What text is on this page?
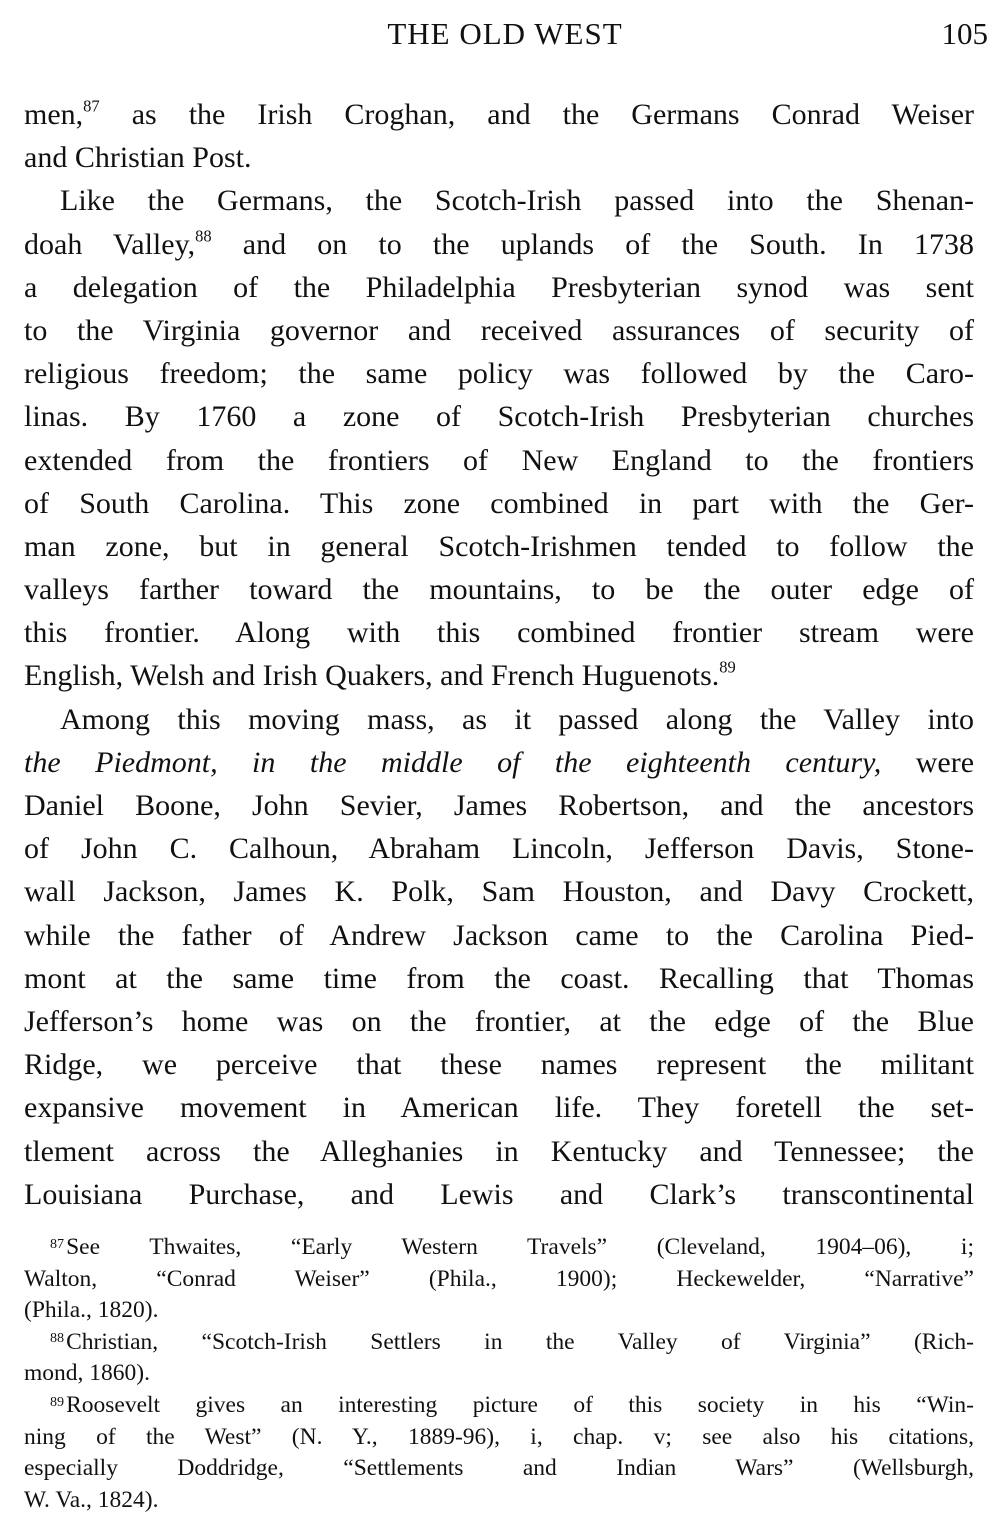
THE OLD WEST	105
men,$^{87}$ as the Irish Croghan, and the Germans Conrad Weiser
and Christian Post.
Like the Germans, the Scotch-Irish passed into the Shenan-
doah Valley,$^{88}$ and on to the uplands of the South. In 1738
a delegation of the Philadelphia Presbyterian synod was sent
to the Virginia governor and received assurances of security of
religious freedom; the same policy was followed by the Caro-
linas. By 1760 a zone of Scotch-Irish Presbyterian churches
extended from the frontiers of New England to the frontiers
of South Carolina. This zone combined in part with the Ger-
man zone, but in general Scotch-Irishmen tended to follow the
valleys farther toward the mountains, to be the outer edge of
this frontier. Along with this combined frontier stream were
English, Welsh and Irish Quakers, and French Huguenots.$^{89}$
Among this moving mass, as it passed along the Valley into
the Piedmont, in the middle of the eighteenth century, were
Daniel Boone, John Sevier, James Robertson, and the ancestors
of John C. Calhoun, Abraham Lincoln, Jefferson Davis, Stone-
wall Jackson, James K. Polk, Sam Houston, and Davy Crockett,
while the father of Andrew Jackson came to the Carolina Pied-
mont at the same time from the coast. Recalling that Thomas
Jefferson’s home was on the frontier, at the edge of the Blue
Ridge, we perceive that these names represent the militant
expansive movement in American life. They foretell the set-
tlement across the Alleghanies in Kentucky and Tennessee; the
Louisiana Purchase, and Lewis and Clark’s transcontinental
$^{87}$See Thwaites, “Early Western Travels” (Cleveland, 1904–06), i;
Walton, “Conrad Weiser” (Phila., 1900); Heckewelder, “Narrative”
(Phila., 1820).
$^{88}$Christian, “Scotch-Irish Settlers in the Valley of Virginia” (Rich-
mond, 1860).
$^{89}$Roosevelt gives an interesting picture of this society in his “Win-
ning of the West” (N. Y., 1889-96), i, chap. v; see also his citations,
especially Doddridge, “Settlements and Indian Wars” (Wellsburgh,
W. Va., 1824).
